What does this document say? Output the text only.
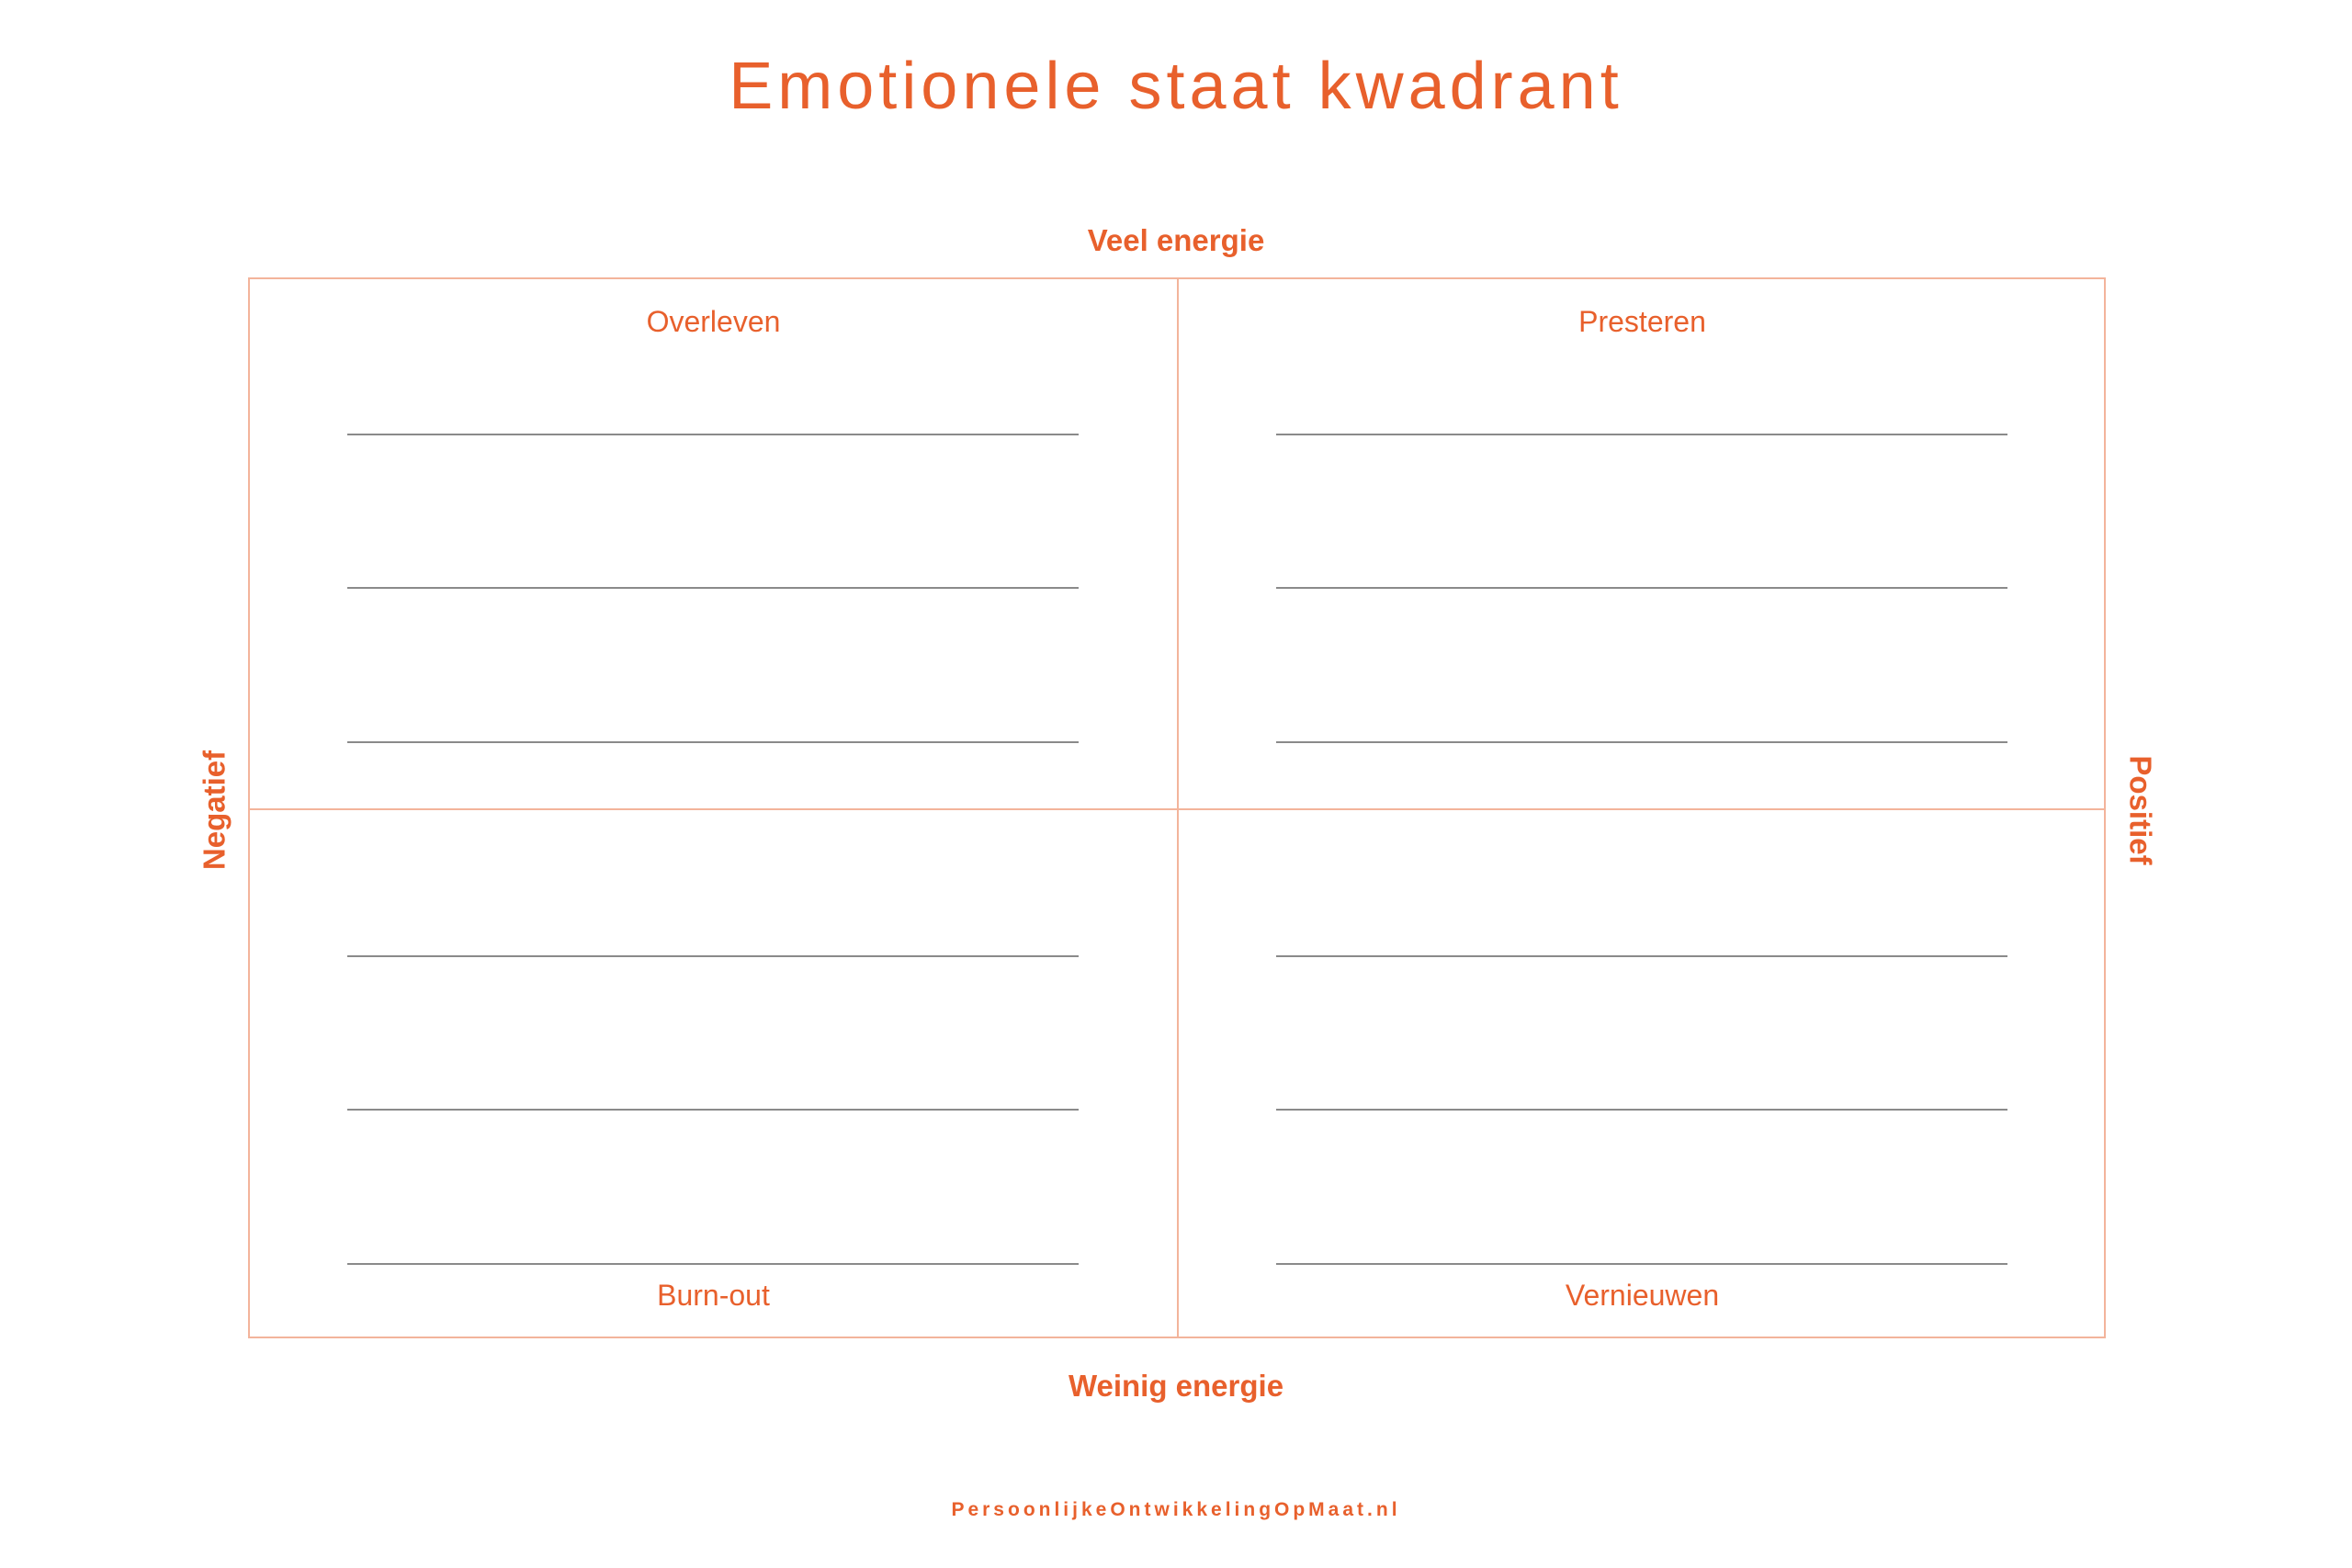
Emotionele staat kwadrant
Veel energie
Negatief	Positief
Overleven	Presteren
Burn-out	Vernieuwen
Weinig energie
PersoonlijkeOntwikkelingOpMaat.nl
